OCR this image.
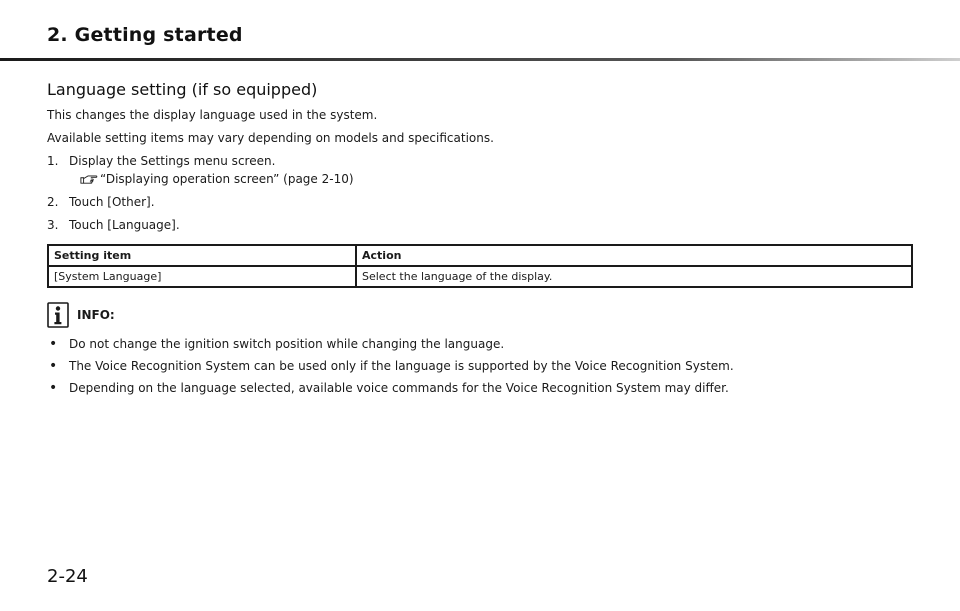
2. Getting started
Language setting (if so equipped)

This changes the display language used in the system.

Available setting items may vary depending on models and specifications.

1. Display the Settings menu screen.
“Displaying operation screen” (page 2-10)
2. Touch [Other].
3. Touch [Language].
Setting item	Action
[System Language]	Select the language of the display.
INFO:
• Do not change the ignition switch position while changing the language.
• The Voice Recognition System can be used only if the language is supported by the Voice Recognition System.
• Depending on the language selected, available voice commands for the Voice Recognition System may differ.
2-24
